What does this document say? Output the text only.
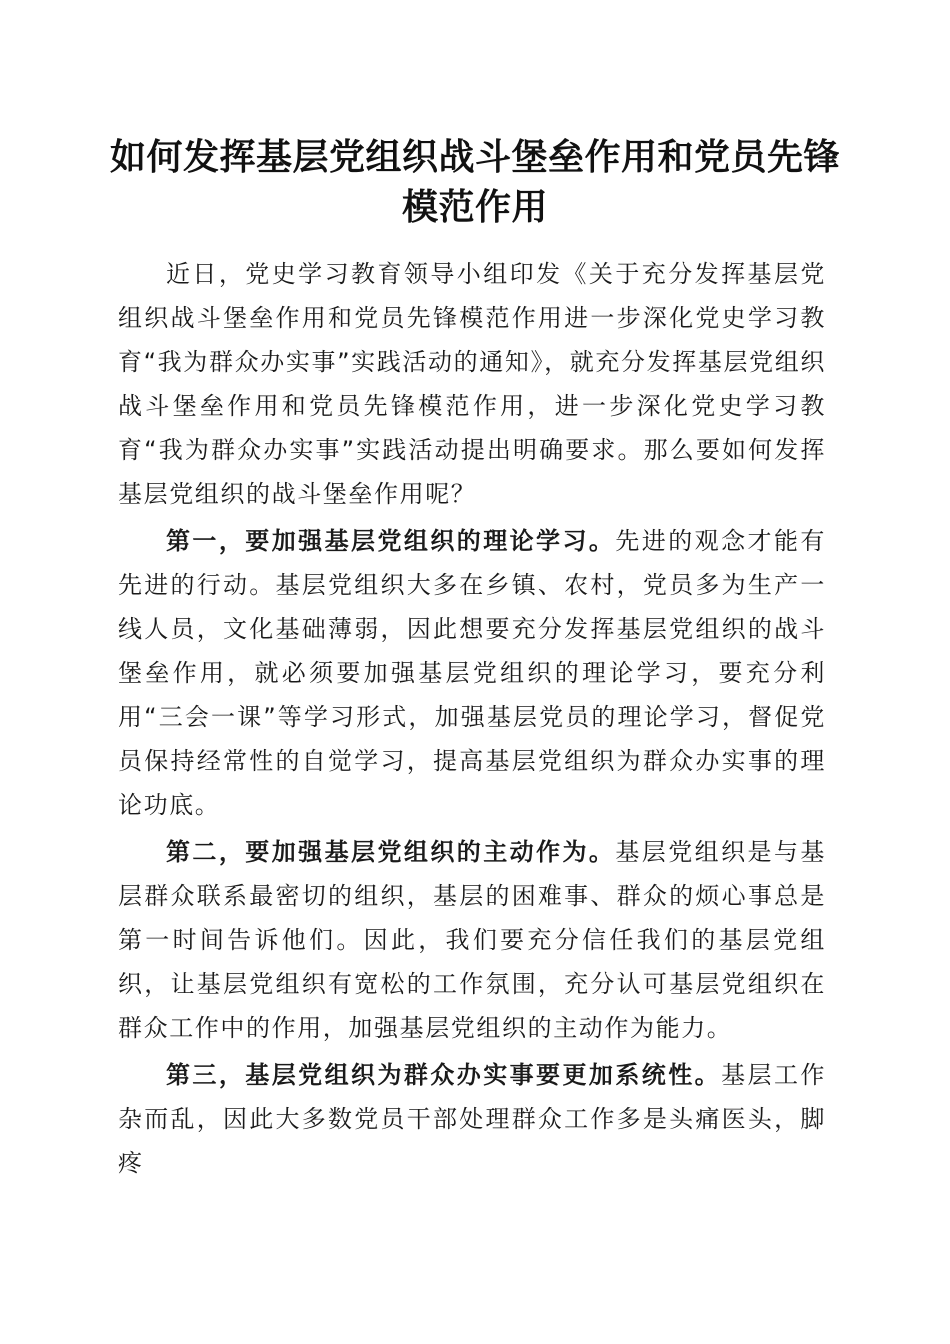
如何发挥基层党组织战斗堡垒作用和党员先锋模范作用

近日，党史学习教育领导小组印发《关于充分发挥基层党组织战斗堡垒作用和党员先锋模范作用进一步深化党史学习教育“我为群众办实事”实践活动的通知》，就充分发挥基层党组织战斗堡垒作用和党员先锋模范作用，进一步深化党史学习教育“我为群众办实事”实践活动提出明确要求。那么要如何发挥基层党组织的战斗堡垒作用呢？

第一，要加强基层党组织的理论学习。先进的观念才能有先进的行动。基层党组织大多在乡镇、农村，党员多为生产一线人员，文化基础薄弱，因此想要充分发挥基层党组织的战斗堡垒作用，就必须要加强基层党组织的理论学习，要充分利用“三会一课”等学习形式，加强基层党员的理论学习，督促党员保持经常性的自觉学习，提高基层党组织为群众办实事的理论功底。

第二，要加强基层党组织的主动作为。基层党组织是与基层群众联系最密切的组织，基层的困难事、群众的烦心事总是第一时间告诉他们。因此，我们要充分信任我们的基层党组织，让基层党组织有宽松的工作氛围，充分认可基层党组织在群众工作中的作用，加强基层党组织的主动作为能力。

第三，基层党组织为群众办实事要更加系统性。基层工作杂而乱，因此大多数党员干部处理群众工作多是头痛医头，脚疼
